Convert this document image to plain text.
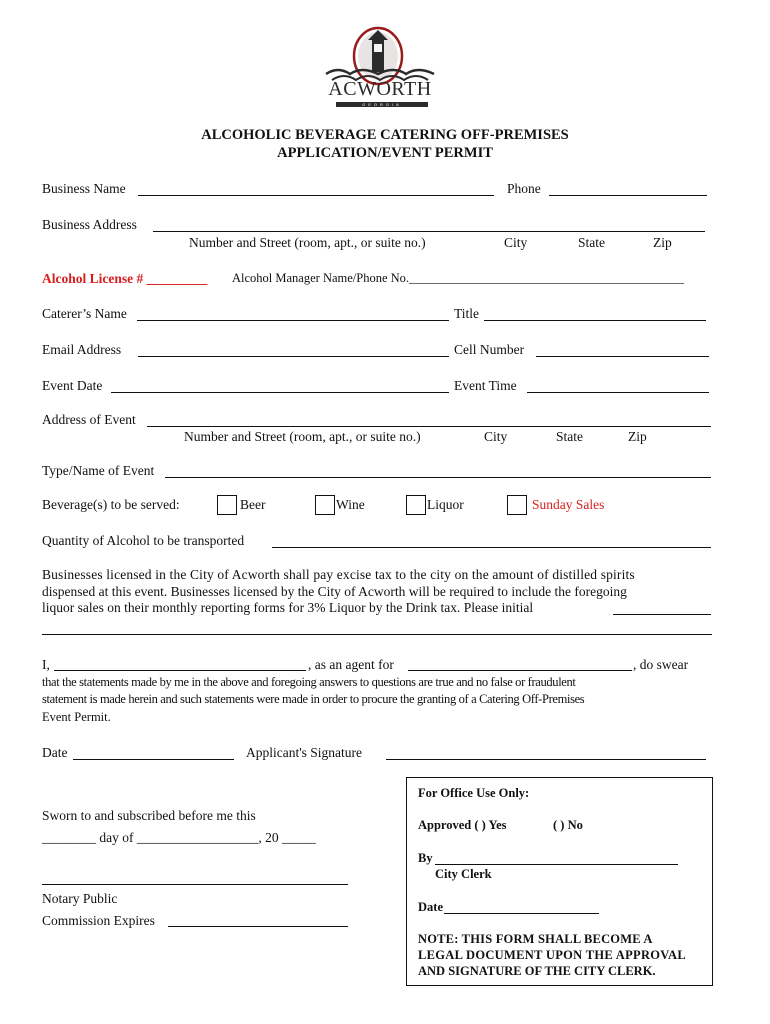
ACWORTH
GEORGIA
ALCOHOLIC BEVERAGE CATERING OFF-PREMISES
APPLICATION/EVENT PERMIT
Business Name	Phone
Business Address
Number and Street (room, apt., or suite no.)	City	State	Zip
Alcohol License # _________ Alcohol Manager Name/Phone No.____________________________________________
Caterer’s Name	Title
Email Address	Cell Number
Event Date	Event Time
Address of Event
Number and Street (room, apt., or suite no.)	City	State	Zip
Type/Name of Event
Beverage(s) to be served:	Beer	Wine	Liquor	Sunday Sales
Quantity of Alcohol to be transported
Businesses licensed in the City of Acworth shall pay excise tax to the city on the amount of distilled spirits
dispensed at this event. Businesses licensed by the City of Acworth will be required to include the foregoing
liquor sales on their monthly reporting forms for 3% Liquor by the Drink tax. Please initial
I,	, as an agent for	, do swear
that the statements made by me in the above and foregoing answers to questions are true and no false or fraudulent
statement is made herein and such statements were made in order to procure the granting of a Catering Off-Premises
Event Permit.
Date	Applicant's Signature
Sworn to and subscribed before me this
________ day of __________________, 20 _____
Notary Public
Commission Expires
For Office Use Only:
Approved ( ) Yes	( ) No
By
City Clerk
Date
NOTE: THIS FORM SHALL BECOME A
LEGAL DOCUMENT UPON THE APPROVAL
AND SIGNATURE OF THE CITY CLERK.
